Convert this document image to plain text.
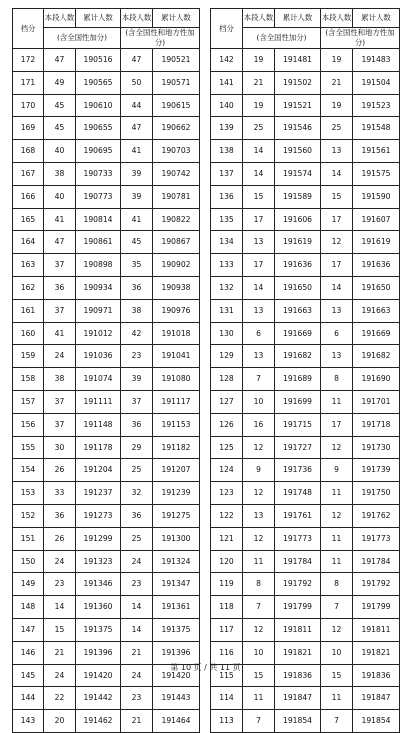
档分	本段人数	累计人数	本段人数	累计人数
	(含全国性加分)		(含全国性和地方性加分)	
172	47	190516	47	190521
171	49	190565	50	190571
170	45	190610	44	190615
169	45	190655	47	190662
168	40	190695	41	190703
167	38	190733	39	190742
166	40	190773	39	190781
165	41	190814	41	190822
164	47	190861	45	190867
163	37	190898	35	190902
162	36	190934	36	190938
161	37	190971	38	190976
160	41	191012	42	191018
159	24	191036	23	191041
158	38	191074	39	191080
157	37	191111	37	191117
156	37	191148	36	191153
155	30	191178	29	191182
154	26	191204	25	191207
153	33	191237	32	191239
152	36	191273	36	191275
151	26	191299	25	191300
150	24	191323	24	191324
149	23	191346	23	191347
148	14	191360	14	191361
147	15	191375	14	191375
146	21	191396	21	191396
145	24	191420	24	191420
144	22	191442	23	191443
143	20	191462	21	191464
档分	本段人数	累计人数	本段人数	累计人数
	(含全国性加分)		(含全国性和地方性加分)	
142	19	191481	19	191483
141	21	191502	21	191504
140	19	191521	19	191523
139	25	191546	25	191548
138	14	191560	13	191561
137	14	191574	14	191575
136	15	191589	15	191590
135	17	191606	17	191607
134	13	191619	12	191619
133	17	191636	17	191636
132	14	191650	14	191650
131	13	191663	13	191663
130	6	191669	6	191669
129	13	191682	13	191682
128	7	191689	8	191690
127	10	191699	11	191701
126	16	191715	17	191718
125	12	191727	12	191730
124	9	191736	9	191739
123	12	191748	11	191750
122	13	191761	12	191762
121	12	191773	11	191773
120	11	191784	11	191784
119	8	191792	8	191792
118	7	191799	7	191799
117	12	191811	12	191811
116	10	191821	10	191821
115	15	191836	15	191836
114	11	191847	11	191847
113	7	191854	7	191854
第 10 页 / 共 11 页
